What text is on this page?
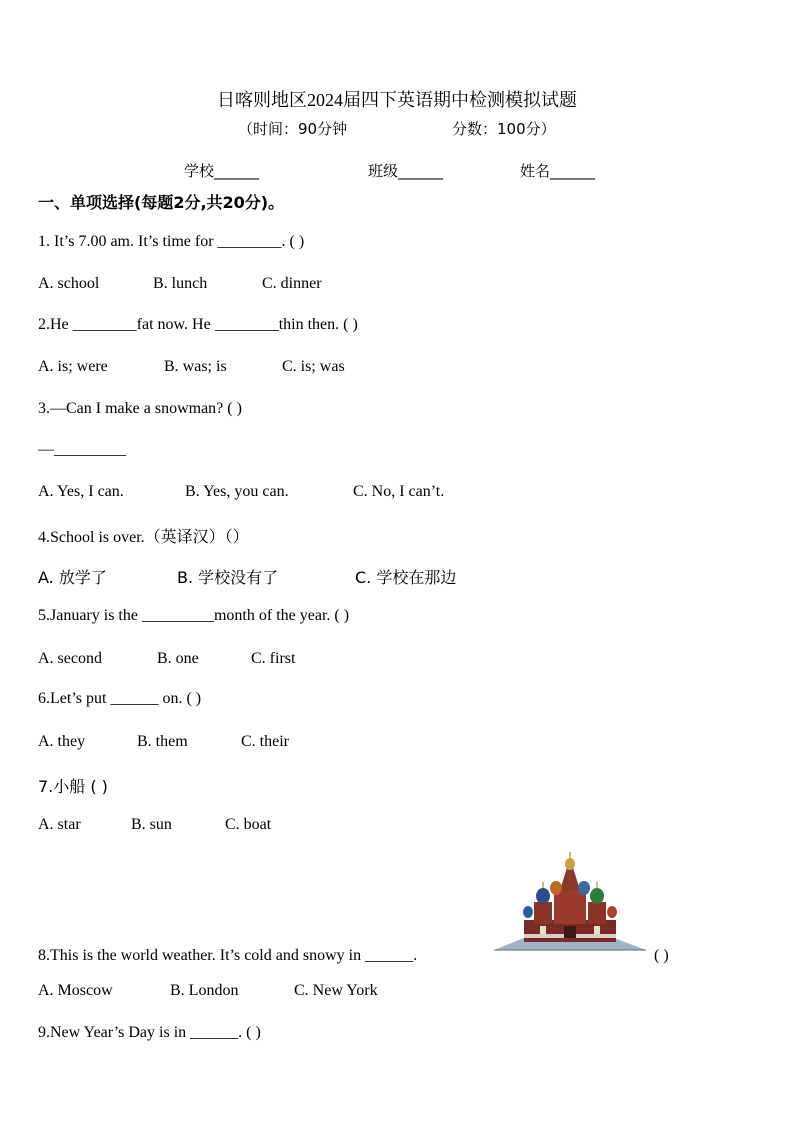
日喀则地区2024届四下英语期中检测模拟试题
（时间：90分钟	分数：100分）
学校______	班级______	姓名______
一、单项选择(每题2分,共20分)。
1. It’s 7.00 am. It’s time for ________. ( )
A. school	B. lunch	C. dinner
2.He ________fat now. He ________thin then. ( )
A. is; were	B. was; is	C. is; was
3.—Can I make a snowman? ( )
—_________
A. Yes, I can.	B. Yes, you can.	C. No, I can’t.
4.School is over.（英译汉）（）
A. 放学了	B. 学校没有了	C. 学校在那边
5.January is the _________month of the year. ( )
A. second	B. one	C. first
6.Let’s put ______ on. ( )
A. they	B. them	C. their
7.小船 ( )
A. star	B. sun	C. boat
8.This is the world weather. It’s cold and snowy in ______.	( )
A. Moscow	B. London	C. New York
9.New Year’s Day is in ______. ( )
